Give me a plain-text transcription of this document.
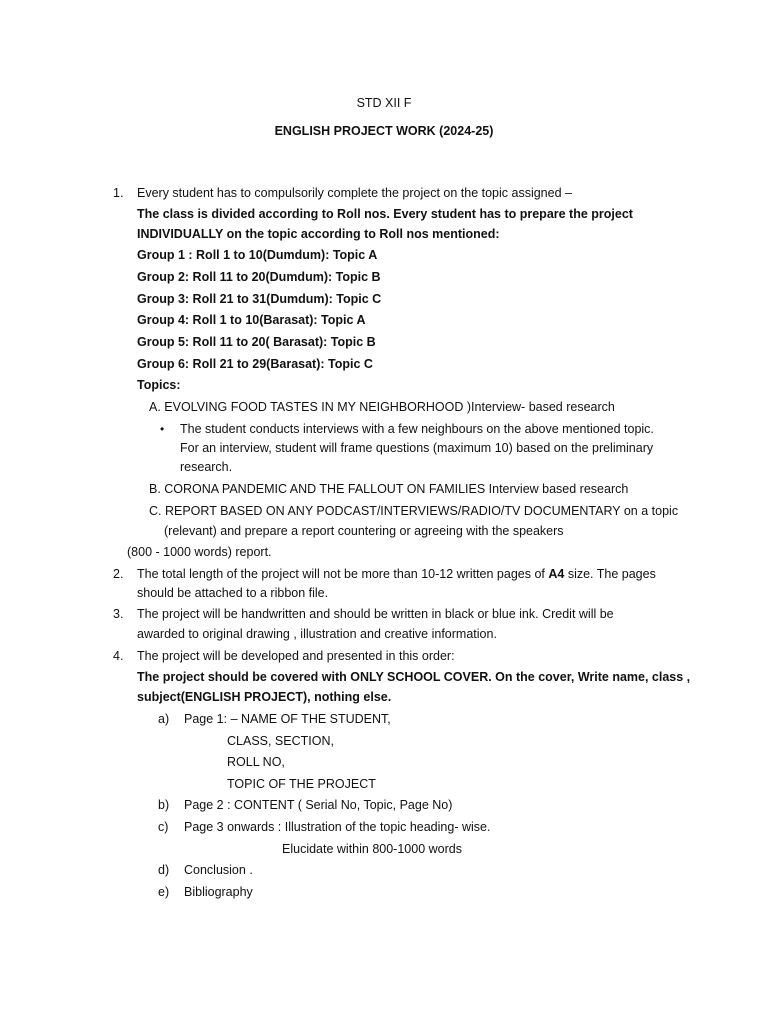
STD XII F
ENGLISH PROJECT WORK (2024-25)
1. Every student has to compulsorily complete the project on the topic assigned –
The class is divided according to Roll nos. Every student has to prepare the project
INDIVIDUALLY on the topic according to Roll nos mentioned:
Group 1 : Roll 1 to 10(Dumdum): Topic A
Group 2: Roll 11 to 20(Dumdum): Topic B
Group 3: Roll 21 to 31(Dumdum): Topic C
Group 4: Roll 1 to 10(Barasat): Topic A
Group 5: Roll 11 to 20( Barasat): Topic B
Group 6: Roll 21 to 29(Barasat): Topic C
Topics:
A. EVOLVING FOOD TASTES IN MY NEIGHBORHOOD )Interview- based research
• The student conducts interviews with a few neighbours on the above mentioned topic.
For an interview, student will frame questions (maximum 10) based on the preliminary
research.
B. CORONA PANDEMIC AND THE FALLOUT ON FAMILIES Interview based research
C. REPORT BASED ON ANY PODCAST/INTERVIEWS/RADIO/TV DOCUMENTARY on a topic
(relevant) and prepare a report countering or agreeing with the speakers
(800 - 1000 words) report.
2. The total length of the project will not be more than 10-12 written pages of A4 size. The pages
should be attached to a ribbon file.
3. The project will be handwritten and should be written in black or blue ink. Credit will be
awarded to original drawing , illustration and creative information.
4. The project will be developed and presented in this order:
The project should be covered with ONLY SCHOOL COVER. On the cover, Write name, class ,
subject(ENGLISH PROJECT), nothing else.
a) Page 1: – NAME OF THE STUDENT,
CLASS, SECTION,
ROLL NO,
TOPIC OF THE PROJECT
b) Page 2 : CONTENT ( Serial No, Topic, Page No)
c) Page 3 onwards : Illustration of the topic heading- wise.
Elucidate within 800-1000 words
d) Conclusion .
e) Bibliography
